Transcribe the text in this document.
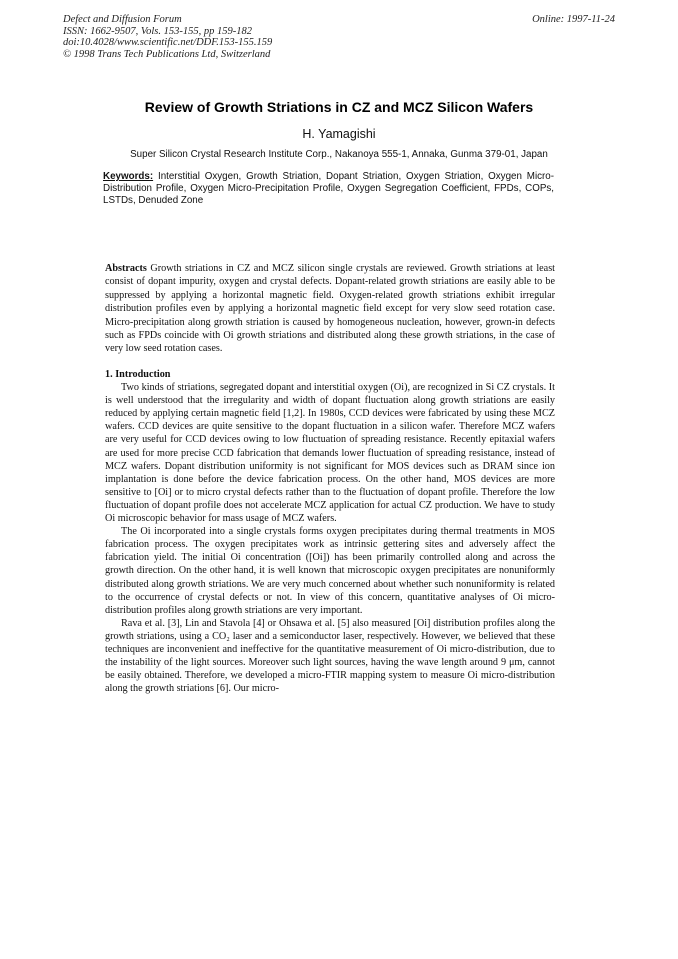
Defect and Diffusion Forum
ISSN: 1662-9507, Vols. 153-155, pp 159-182
doi:10.4028/www.scientific.net/DDF.153-155.159
© 1998 Trans Tech Publications Ltd, Switzerland
Online: 1997-11-24
Review of Growth Striations in CZ and MCZ Silicon Wafers
H. Yamagishi
Super Silicon Crystal Research Institute Corp., Nakanoya 555-1, Annaka, Gunma 379-01, Japan
Keywords: Interstitial Oxygen, Growth Striation, Dopant Striation, Oxygen Striation, Oxygen Micro-Distribution Profile, Oxygen Micro-Precipitation Profile, Oxygen Segregation Coefficient, FPDs, COPs, LSTDs, Denuded Zone
Abstracts Growth striations in CZ and MCZ silicon single crystals are reviewed. Growth striations at least consist of dopant impurity, oxygen and crystal defects. Dopant-related growth striations are easily able to be suppressed by applying a horizontal magnetic field. Oxygen-related growth striations exhibit irregular distribution profiles even by applying a horizontal magnetic field except for very slow seed rotation case. Micro-precipitation along growth striation is caused by homogeneous nucleation, however, grown-in defects such as FPDs coincide with Oi growth striations and distributed along these growth striations, in the case of very low seed rotation cases.

1. Introduction

Two kinds of striations, segregated dopant and interstitial oxygen (Oi), are recognized in Si CZ crystals. It is well understood that the irregularity and width of dopant fluctuation along growth striations are easily reduced by applying certain magnetic field [1,2]. In 1980s, CCD devices were fabricated by using these MCZ wafers. CCD devices are quite sensitive to the dopant fluctuation in a silicon wafer. Therefore MCZ wafers are very useful for CCD devices owing to low fluctuation of spreading resistance. Recently epitaxial wafers are used for more precise CCD fabrication that demands lower fluctuation of spreading resistance, instead of MCZ wafers. Dopant distribution uniformity is not significant for MOS devices such as DRAM since ion implantation is done before the device fabrication process. On the other hand, MOS devices are more sensitive to [Oi] or to micro crystal defects rather than to the fluctuation of dopant profile. Therefore the low fluctuation of dopant profile does not accelerate MCZ application for actual CZ production. We have to study Oi microscopic behavior for mass usage of MCZ wafers.

The Oi incorporated into a single crystals forms oxygen precipitates during thermal treatments in MOS fabrication process. The oxygen precipitates work as intrinsic gettering sites and adversely affect the fabrication yield. The initial Oi concentration ([Oi]) has been primarily controlled along and across the growth direction. On the other hand, it is well known that microscopic oxygen precipitates are nonuniformly distributed along growth striations. We are very much concerned about whether such nonuniformity is related to the occurrence of crystal defects or not. In view of this concern, quantitative analyses of Oi micro-distribution profiles along growth striations are very important.

Rava et al. [3], Lin and Stavola [4] or Ohsawa et al. [5] also measured [Oi] distribution profiles along the growth striations, using a CO₂ laser and a semiconductor laser, respectively. However, we believed that these techniques are inconvenient and ineffective for the quantitative measurement of Oi micro-distribution, due to the instability of the light sources. Moreover such light sources, having the wave length around 9 μm, cannot be easily obtained. Therefore, we developed a micro-FTIR mapping system to measure Oi micro-distribution along the growth striations [6]. Our micro-
